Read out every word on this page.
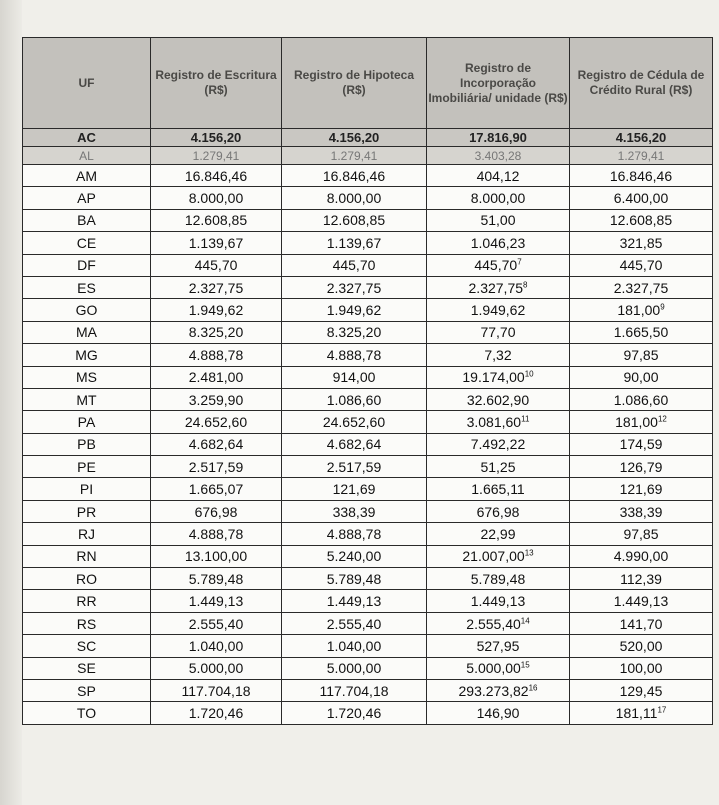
UF	Registro de Escritura (R$)	Registro de Hipoteca (R$)	Registro de Incorporação Imobiliária/ unidade (R$)	Registro de Cédula de Crédito Rural (R$)
AC	4.156,20	4.156,20	17.816,90	4.156,20
AL	1.279,41	1.279,41	3.403,28	1.279,41
AM	16.846,46	16.846,46	404,12	16.846,46
AP	8.000,00	8.000,00	8.000,00	6.400,00
BA	12.608,85	12.608,85	51,00	12.608,85
CE	1.139,67	1.139,67	1.046,23	321,85
DF	445,70	445,70	445,70$^7$	445,70
ES	2.327,75	2.327,75	2.327,75$^8$	2.327,75
GO	1.949,62	1.949,62	1.949,62	181,00$^9$
MA	8.325,20	8.325,20	77,70	1.665,50
MG	4.888,78	4.888,78	7,32	97,85
MS	2.481,00	914,00	19.174,00$^{10}$	90,00
MT	3.259,90	1.086,60	32.602,90	1.086,60
PA	24.652,60	24.652,60	3.081,60$^{11}$	181,00$^{12}$
PB	4.682,64	4.682,64	7.492,22	174,59
PE	2.517,59	2.517,59	51,25	126,79
PI	1.665,07	121,69	1.665,11	121,69
PR	676,98	338,39	676,98	338,39
RJ	4.888,78	4.888,78	22,99	97,85
RN	13.100,00	5.240,00	21.007,00$^{13}$	4.990,00
RO	5.789,48	5.789,48	5.789,48	112,39
RR	1.449,13	1.449,13	1.449,13	1.449,13
RS	2.555,40	2.555,40	2.555,40$^{14}$	141,70
SC	1.040,00	1.040,00	527,95	520,00
SE	5.000,00	5.000,00	5.000,00$^{15}$	100,00
SP	117.704,18	117.704,18	293.273,82$^{16}$	129,45
TO	1.720,46	1.720,46	146,90	181,11$^{17}$
